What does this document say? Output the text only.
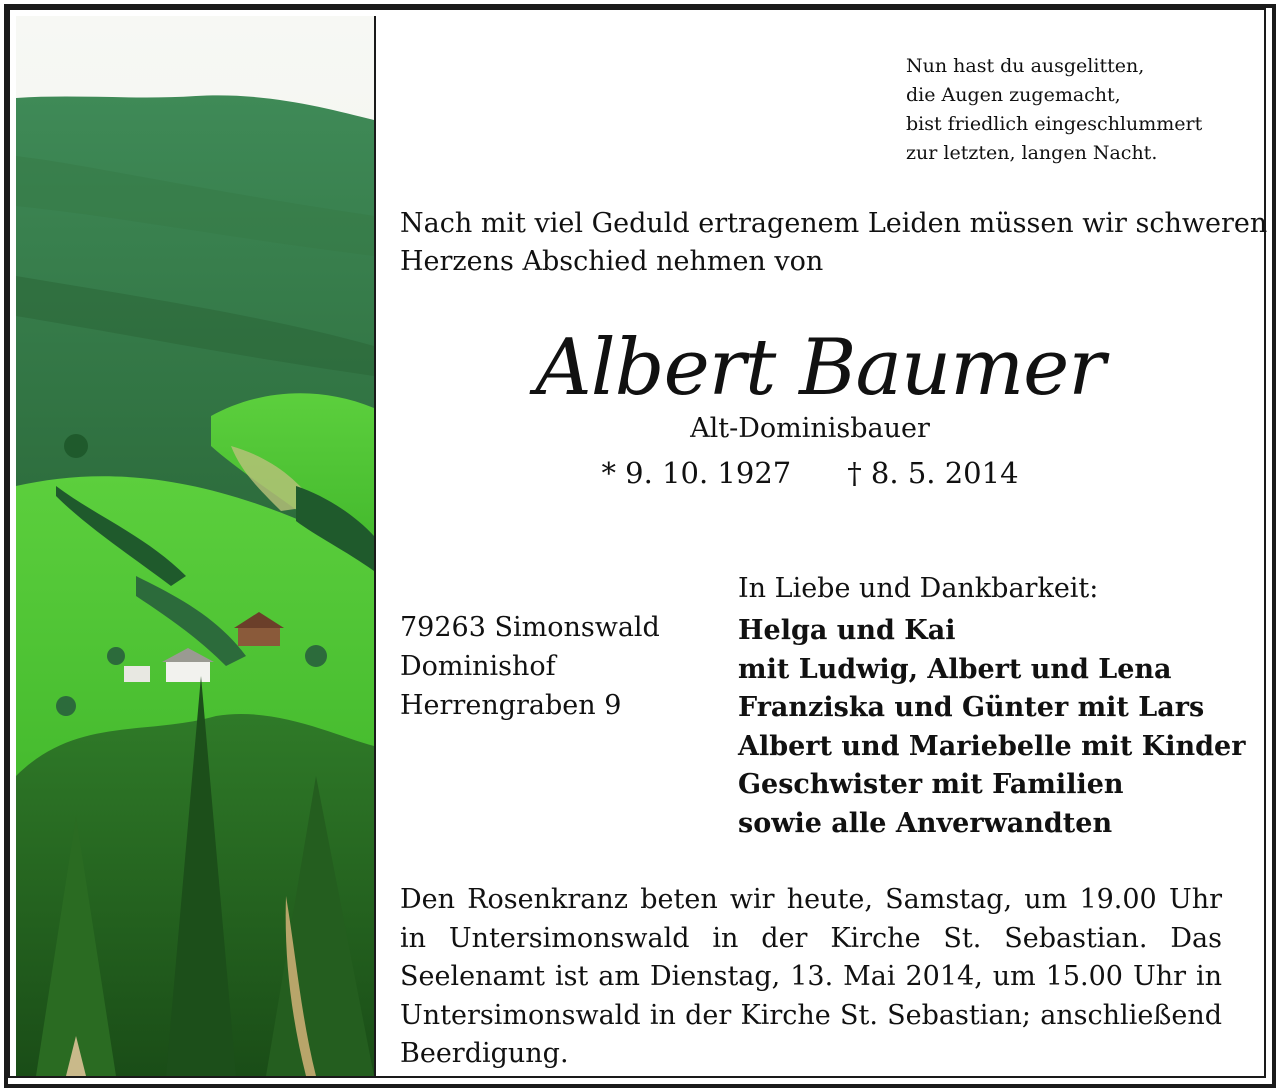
Nun hast du ausgelitten,
die Augen zugemacht,
bist friedlich eingeschlummert
zur letzten, langen Nacht.
Nach mit viel Geduld ertragenem Leiden müssen wir schweren
Herzens Abschied nehmen von
Albert Baumer
Alt-Dominisbauer
* 9. 10. 1927 † 8. 5. 2014
79263 Simonswald
Dominishof
Herrengraben 9
In Liebe und Dankbarkeit:
Helga und Kai
mit Ludwig, Albert und Lena
Franziska und Günter mit Lars
Albert und Mariebelle mit Kinder
Geschwister mit Familien
sowie alle Anverwandten
Den Rosenkranz beten wir heute, Samstag, um 19.00 Uhr in Untersimonswald in der Kirche St. Sebastian. Das Seelenamt ist am Dienstag, 13. Mai 2014, um 15.00 Uhr in Untersimonswald in der Kirche St. Sebastian; anschließend Beerdigung.
